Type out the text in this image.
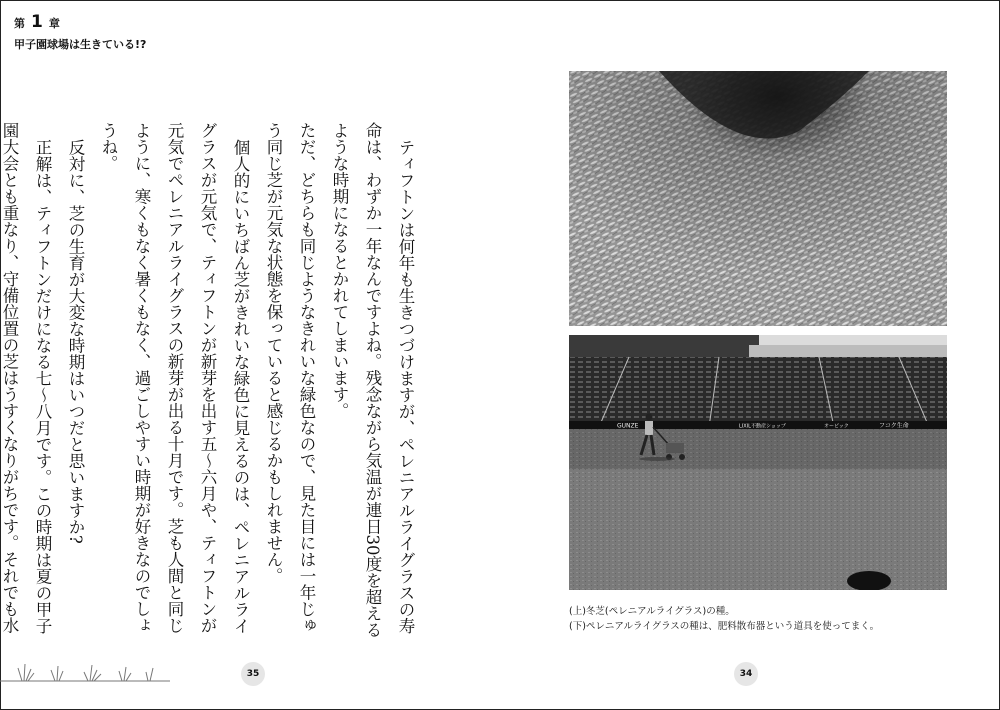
第 1 章
甲子園球場は生きている!?

ティフトンは何年も生きつづけますが、ペレニアルライグラスの寿命は、わずか一年なんですよね。残念ながら気温が連日30度を超えるような時期になるとかれてしまいます。

ただ、どちらも同じようなきれいな緑色なので、見た目には一年じゅう同じ芝が元気な状態を保っていると感じるかもしれません。

個人的にいちばん芝がきれいな緑色に見えるのは、ペレニアルライグラスが元気で、ティフトンが新芽を出す五～六月や、ティフトンが元気でペレニアルライグラスの新芽が出る十月です。芝も人間と同じように、寒くもなく暑くもなく、過ごしやすい時期が好きなのでしょうね。

反対に、芝の生育が大変な時期はいつだと思いますか?

正解は、ティフトンだけになる七～八月です。この時期は夏の甲子園大会とも重なり、守備位置の芝はうすくなりがちです。それでも水

GUNZE	LIXIL不動産ショップ	オービック	フコク生命
(上)冬芝(ペレニアルライグラス)の種。
(下)ペレニアルライグラスの種は、肥料散布器という道具を使ってまく。
35	34
